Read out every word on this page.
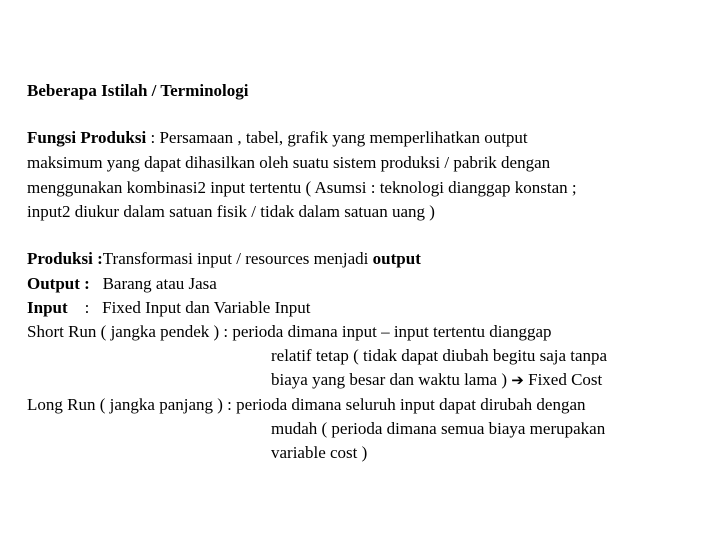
Beberapa Istilah / Terminologi
Fungsi Produksi : Persamaan , tabel, grafik yang memperlihatkan output
maksimum yang dapat dihasilkan oleh suatu sistem produksi / pabrik dengan
menggunakan kombinasi2 input tertentu ( Asumsi : teknologi dianggap konstan ;
input2 diukur dalam satuan fisik / tidak dalam satuan uang )
Produksi :Transformasi input / resources menjadi output
Output :   Barang atau Jasa
Input    :   Fixed Input dan Variable Input
Short Run ( jangka pendek ) : perioda dimana input – input tertentu dianggap
relatif tetap ( tidak dapat diubah begitu saja tanpa
biaya yang besar dan waktu lama ) ➔ Fixed Cost
Long Run ( jangka panjang ) : perioda dimana seluruh input dapat dirubah dengan
mudah ( perioda dimana semua biaya merupakan
variable cost )
